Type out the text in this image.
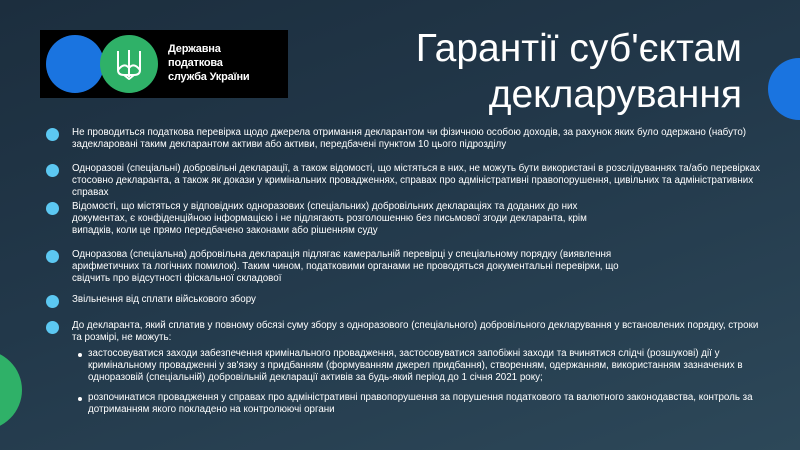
Державна
податкова
служба України
Гарантії суб'єктам декларування
Не проводиться податкова перевірка щодо джерела отримання декларантом чи фізичною особою доходів, за рахунок яких було одержано (набуто) задекларовані таким декларантом активи або активи, передбачені пунктом 10 цього підрозділу
Одноразові (спеціальні) добровільні декларації, а також відомості, що містяться в них, не можуть бути використані в розслідуваннях та/або перевірках стосовно декларанта, а також як докази у кримінальних провадженнях, справах про адміністративні правопорушення, цивільних та адміністративних справах
Відомості, що містяться у відповідних одноразових (спеціальних) добровільних деклараціях та доданих до них документах, є конфіденційною інформацією і не підлягають розголошенню без письмової згоди декларанта, крім випадків, коли це прямо передбачено законами або рішенням суду
Одноразова (спеціальна) добровільна декларація підлягає камеральній перевірці у спеціальному порядку (виявлення арифметичних та логічних помилок). Таким чином, податковими органами не проводяться документальні перевірки, що свідчить про відсутності фіскальної складової
Звільнення від сплати військового збору
До декларанта, який сплатив у повному обсязі суму збору з одноразового (спеціального) добровільного декларування у встановлених порядку, строки та розмірі, не можуть:
застосовуватися заходи забезпечення кримінального провадження, застосовуватися запобіжні заходи та вчинятися слідчі (розшукові) дії у кримінальному провадженні у зв'язку з придбанням (формуванням джерел придбання), створенням, одержанням, використанням зазначених в одноразовій (спеціальній) добровільній декларації активів за будь-який період до 1 січня 2021 року;
розпочинатися провадження у справах про адміністративні правопорушення за порушення податкового та валютного законодавства, контроль за дотриманням якого покладено на контролюючі органи
